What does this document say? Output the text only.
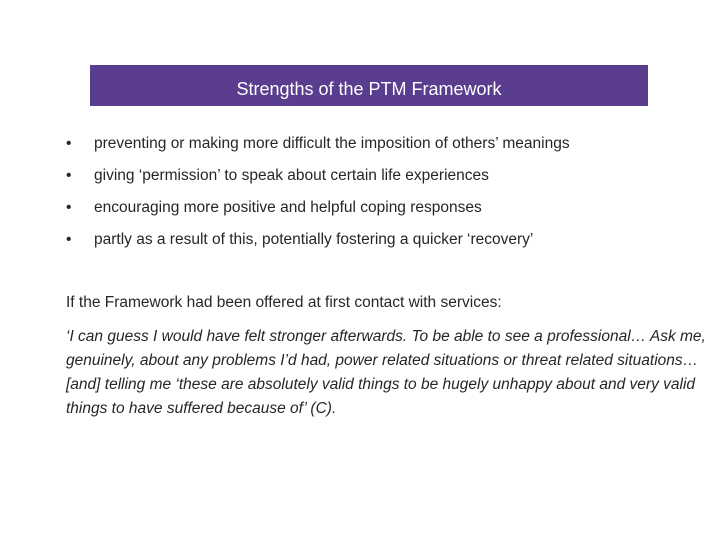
Strengths of the PTM Framework
•	preventing or making more difficult the imposition of others’ meanings
•	giving ‘permission’ to speak about certain life experiences
•	encouraging more positive and helpful coping responses
•	partly as a result of this, potentially fostering a quicker ‘recovery’

If the Framework had been offered at first contact with services:

‘I can guess I would have felt stronger afterwards. To be able to see a professional… Ask me, genuinely, about any problems I’d had, power related situations or threat related situations… [and] telling me ‘these are absolutely valid things to be hugely unhappy about and very valid things to have suffered because of’ (C).
